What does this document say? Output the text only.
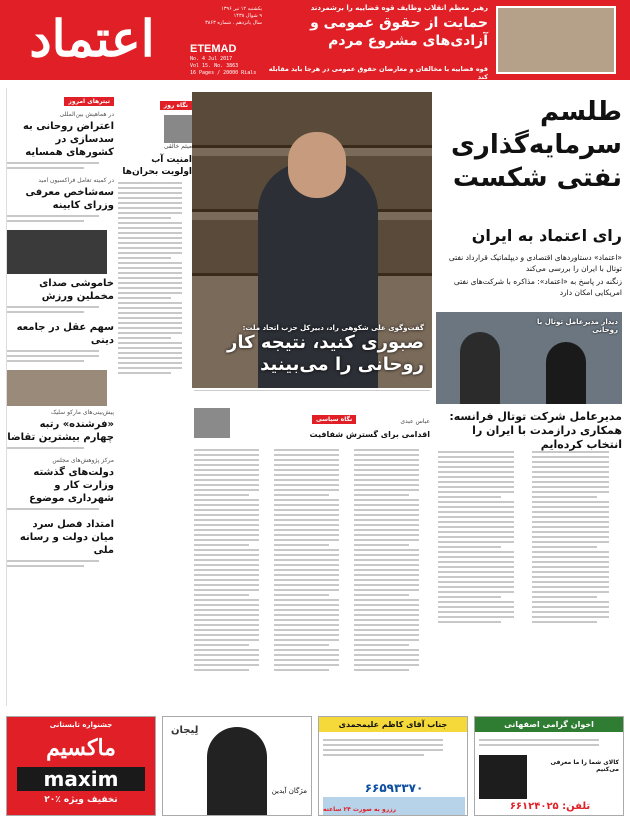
اعتماد	یکشنبه ۱۲ تیر ۱۳۹۶
۹ شوال ۱۴۳۸
سال پانزدهم . شماره ۳۸۶۳
ETEMAD
No. 4 Jul 2017
Vol 15. No. 3863
16 Pages / 20000 Rials
رهبر معظم انقلاب وظایف قوه قضاییه را برشمردند
حمایت از حقوق عمومی و آزادی‌های مشروع مردم
قوه قضاییه با مخالفان و معارضان حقوق عمومی در هرجا باید مقابله کند
تیترهای امروز
در هماهیش بین‌المللی
اعتراض روحانی به سد‌سازی در کشورهای همسایه
در کمیته تعامل فراکسیون امید
سه‌شاخص معرفی وزرای کابینه
خاموشی صدای مخملین ورزش
سهم عقل در جامعه دینی
پیش‌بینی‌های مارکو سلیک
«فرشنده» رتبه چهارم بیشترین تقاضا
مرکز پژوهش‌های مجلس
دولت‌های گذشته وزارت کار و شهرداری موضوع
امتداد فصل سرد میان دولت و رسانه ملی
نگاه روز
میثم خالقی
امنیت آب اولویت بحران‌ها
گفت‌وگوی علی شکوهی راد، دبیرکل حزب اتحاد ملت:
صبوری کنید، نتیجه کار روحانی را می‌بینید
طلسم سرمایه‌گذاری نفتی شکست
رای اعتماد به ایران

«اعتماد» دستاوردهای اقتصادی و دیپلماتیک قرارداد نفتی توتال با ایران را بررسی می‌کند

زنگنه در پاسخ به «اعتماد»: مذاکره با شرکت‌های نفتی امریکایی امکان دارد

دیدار مدیرعامل توتال با روحانی
مدیرعامل شرکت توتال فرانسه: همکاری درازمدت با ایران را انتخاب کرده‌ایم
نگاه سیاسی	عباس عبدی
اقدامی برای گسترش شفافیت
جشنواره تابستانی
ماکسیم
maxim
۲۰٪ تخفیف ویژه
لِیجان
مژگان آیدین
جناب آقای کاظم علیمحمدی
۶۶۵۹۳۳۷۰
رزرو به صورت ۲۴ ساعته
اخوان گرامی اصفهانی
کالای شما را ما معرفی می‌کنیم
تلفن: ۶۶۱۲۴۰۲۵
